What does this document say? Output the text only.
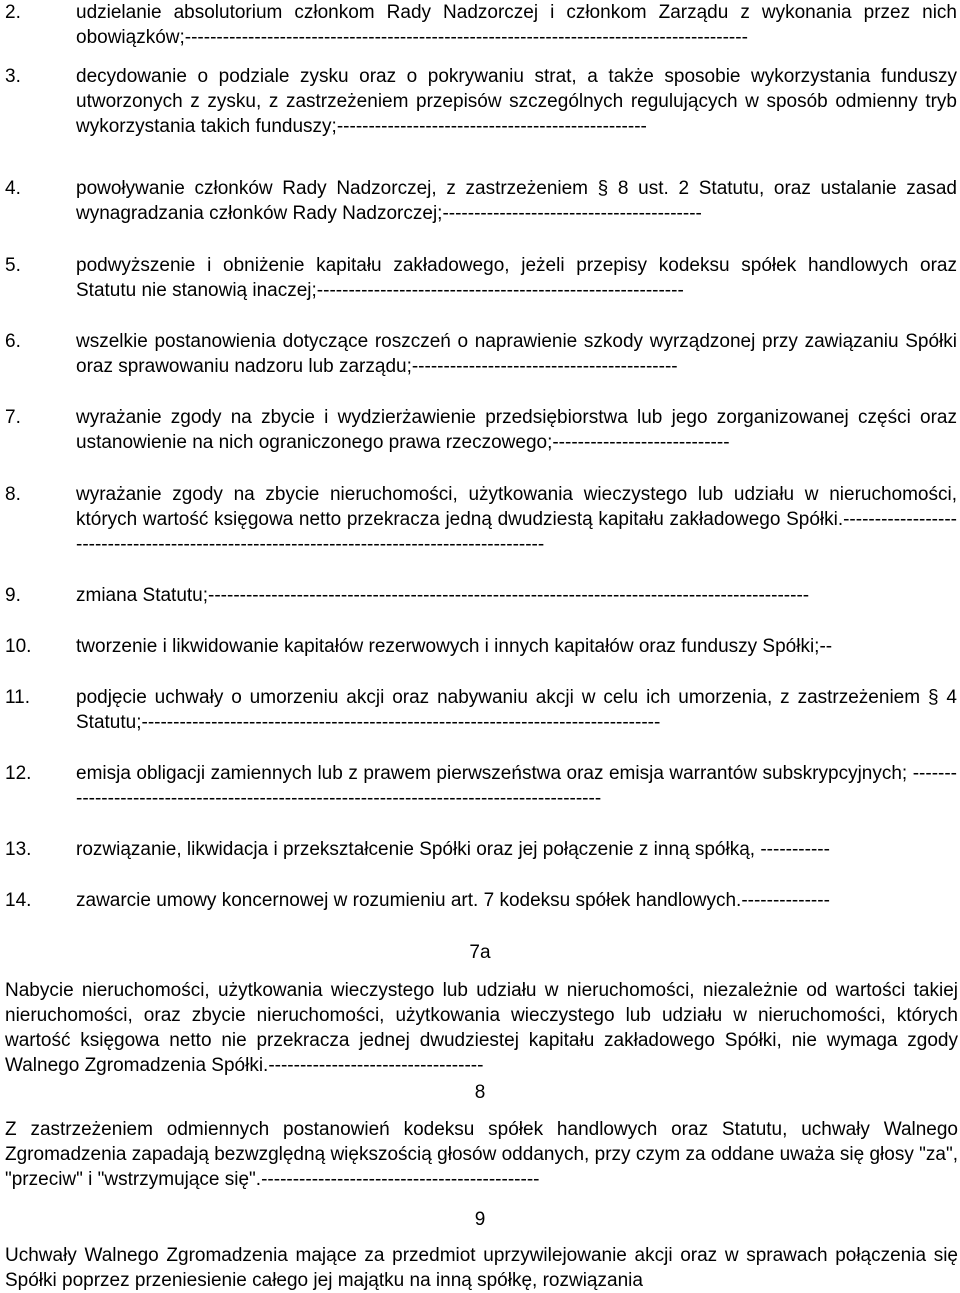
2.	udzielanie absolutorium członkom Rady Nadzorczej i członkom Zarządu z wykonania przez nich obowiązków;-----------------------------------------------------------------------------------------
3.	decydowanie o podziale zysku oraz o pokrywaniu strat, a także sposobie wykorzystania funduszy utworzonych z zysku, z zastrzeżeniem przepisów szczególnych regulujących w sposób odmienny tryb wykorzystania takich funduszy;-------------------------------------------------
4.	powoływanie członków Rady Nadzorczej, z zastrzeżeniem § 8 ust. 2 Statutu, oraz ustalanie zasad wynagradzania członków Rady Nadzorczej;-----------------------------------------
5.	podwyższenie i obniżenie kapitału zakładowego, jeżeli przepisy kodeksu spółek handlowych oraz Statutu nie stanowią inaczej;----------------------------------------------------------
6.	wszelkie postanowienia dotyczące roszczeń o naprawienie szkody wyrządzonej przy zawiązaniu Spółki oraz sprawowaniu nadzoru lub zarządu;------------------------------------------
7.	wyrażanie zgody na zbycie i wydzierżawienie przedsiębiorstwa lub jego zorganizowanej części oraz ustanowienie na nich ograniczonego prawa rzeczowego;----------------------------
8.	wyrażanie zgody na zbycie nieruchomości, użytkowania wieczystego lub udziału w nieruchomości, których wartość księgowa netto przekracza jedną dwudziestą kapitału zakładowego Spółki.--------------------------------------------------------------------------------------------
9.	zmiana Statutu;-----------------------------------------------------------------------------------------------
10. tworzenie i likwidowanie kapitałów rezerwowych i innych kapitałów oraz funduszy Spółki;--
11. podjęcie uchwały o umorzeniu akcji oraz nabywaniu akcji w celu ich umorzenia, z zastrzeżeniem § 4 Statutu;----------------------------------------------------------------------------------
12. emisja obligacji zamiennych lub z prawem pierwszeństwa oraz emisja warrantów subskrypcyjnych; ------------------------------------------------------------------------------------------
13. rozwiązanie, likwidacja i przekształcenie Spółki oraz jej połączenie z inną spółką, -----------
14. zawarcie umowy koncernowej w rozumieniu art. 7 kodeksu spółek handlowych.--------------
7a
Nabycie nieruchomości, użytkowania wieczystego lub udziału w nieruchomości, niezależnie od wartości takiej nieruchomości, oraz zbycie nieruchomości, użytkowania wieczystego lub udziału w nieruchomości, których wartość księgowa netto nie przekracza jednej dwudziestej kapitału zakładowego Spółki, nie wymaga zgody Walnego Zgromadzenia Spółki.----------------------------------
8
Z zastrzeżeniem odmiennych postanowień kodeksu spółek handlowych oraz Statutu, uchwały Walnego Zgromadzenia zapadają bezwzględną większością głosów oddanych, przy czym za oddane uważa się głosy "za", "przeciw" i "wstrzymujące się".--------------------------------------------
9
Uchwały Walnego Zgromadzenia mające za przedmiot uprzywilejowanie akcji oraz w sprawach połączenia się Spółki poprzez przeniesienie całego jej majątku na inną spółkę, rozwiązania
